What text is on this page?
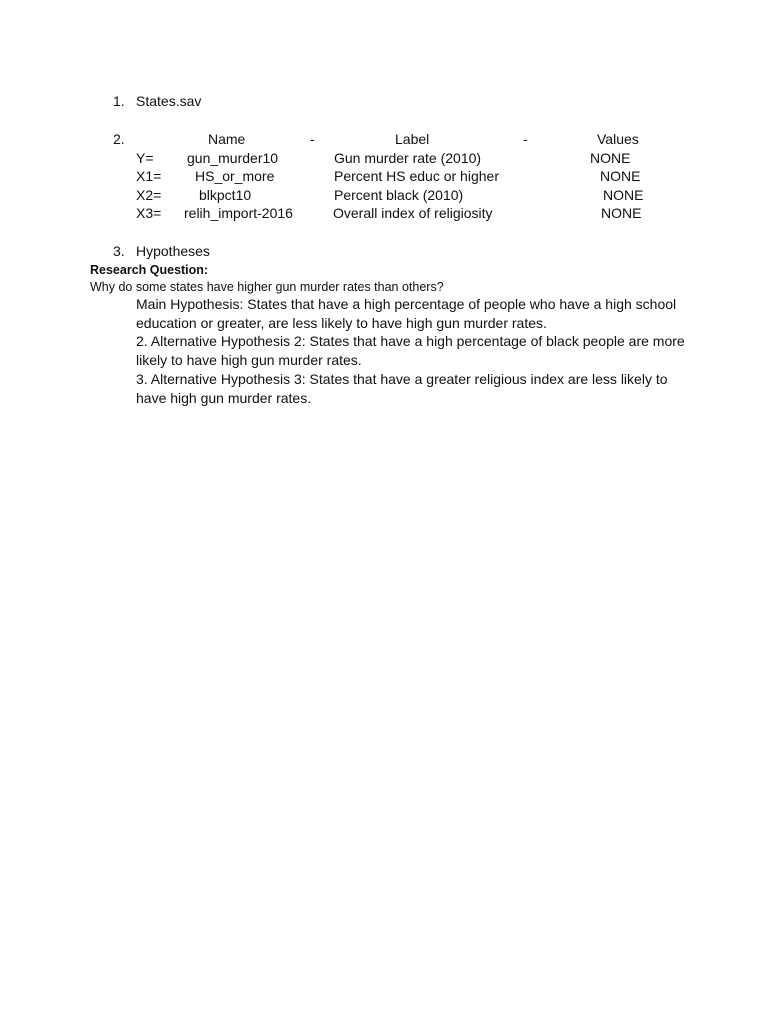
1. States.sav
2.	Name	-	Label	-	Values
Y= gun_murder10	Gun murder rate (2010)	NONE
X1= HS_or_more	Percent HS educ or higher	NONE
X2=	blkpct10	Percent black (2010)	NONE
X3= relih_import-2016	Overall index of religiosity	NONE
3. Hypotheses
Research Question:
Why do some states have higher gun murder rates than others?
Main Hypothesis: States that have a high percentage of people who have a high school education or greater, are less likely to have high gun murder rates.
2. Alternative Hypothesis 2: States that have a high percentage of black people are more likely to have high gun murder rates.
3. Alternative Hypothesis 3: States that have a greater religious index are less likely to have high gun murder rates.
